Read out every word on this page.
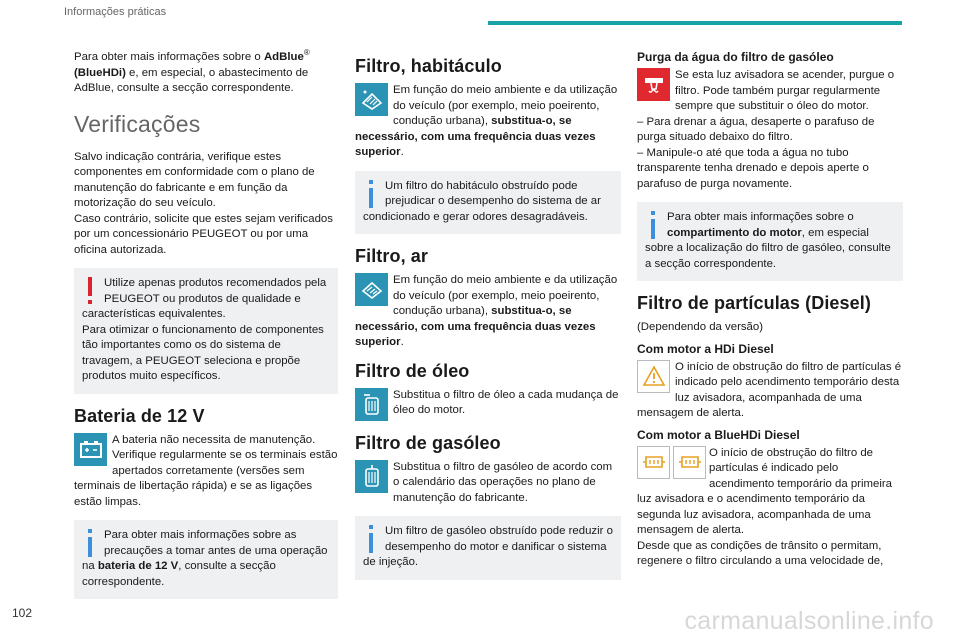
Informações práticas

Para obter mais informações sobre o AdBlue®
(BlueHDi) e, em especial, o abastecimento de AdBlue, consulte a secção correspondente.

Verificações

Salvo indicação contrária, verifique estes componentes em conformidade com o plano de manutenção do fabricante e em função da motorização do seu veículo.

Caso contrário, solicite que estes sejam verificados por um concessionário PEUGEOT ou por uma oficina autorizada.

Utilize apenas produtos recomendados pela PEUGEOT ou produtos de qualidade e características equivalentes.

Para otimizar o funcionamento de componentes tão importantes como os do sistema de travagem, a PEUGEOT seleciona e propõe produtos muito específicos.

Bateria de 12 V

A bateria não necessita de manutenção.

Verifique regularmente se os terminais estão apertados corretamente (versões sem terminais de libertação rápida) e se as ligações estão limpas.

Para obter mais informações sobre as precauções a tomar antes de uma operação na bateria de 12 V, consulte a secção correspondente.

Filtro, habitáculo

Em função do meio ambiente e da utilização do veículo (por exemplo, meio poeirento, condução urbana), substitua-o, se necessário, com uma frequência duas vezes superior.

Um filtro do habitáculo obstruído pode prejudicar o desempenho do sistema de ar condicionado e gerar odores desagradáveis.

Filtro, ar

Em função do meio ambiente e da utilização do veículo (por exemplo, meio poeirento, condução urbana), substitua-o, se necessário, com uma frequência duas vezes superior.

Filtro de óleo

Substitua o filtro de óleo a cada mudança de óleo do motor.

Filtro de gasóleo

Substitua o filtro de gasóleo de acordo com o calendário das operações no plano de manutenção do fabricante.

Um filtro de gasóleo obstruído pode reduzir o desempenho do motor e danificar o sistema de injeção.

Purga da água do filtro de gasóleo

Se esta luz avisadora se acender, purgue o filtro. Pode também purgar regularmente sempre que substituir o óleo do motor.

– Para drenar a água, desaperte o parafuso de purga situado debaixo do filtro.

– Manipule-o até que toda a água no tubo transparente tenha drenado e depois aperte o parafuso de purga novamente.

Para obter mais informações sobre o compartimento do motor, em especial sobre a localização do filtro de gasóleo, consulte a secção correspondente.

Filtro de partículas (Diesel)

(Dependendo da versão)

Com motor a HDi Diesel

O início de obstrução do filtro de partículas é indicado pelo acendimento temporário desta luz avisadora, acompanhada de uma mensagem de alerta.

Com motor a BlueHDi Diesel

O início de obstrução do filtro de partículas é indicado pelo acendimento temporário da primeira luz avisadora e o acendimento temporário da segunda luz avisadora, acompanhada de uma mensagem de alerta.

Desde que as condições de trânsito o permitam, regenere o filtro circulando a uma velocidade de,

102	carmanualsonline.info
